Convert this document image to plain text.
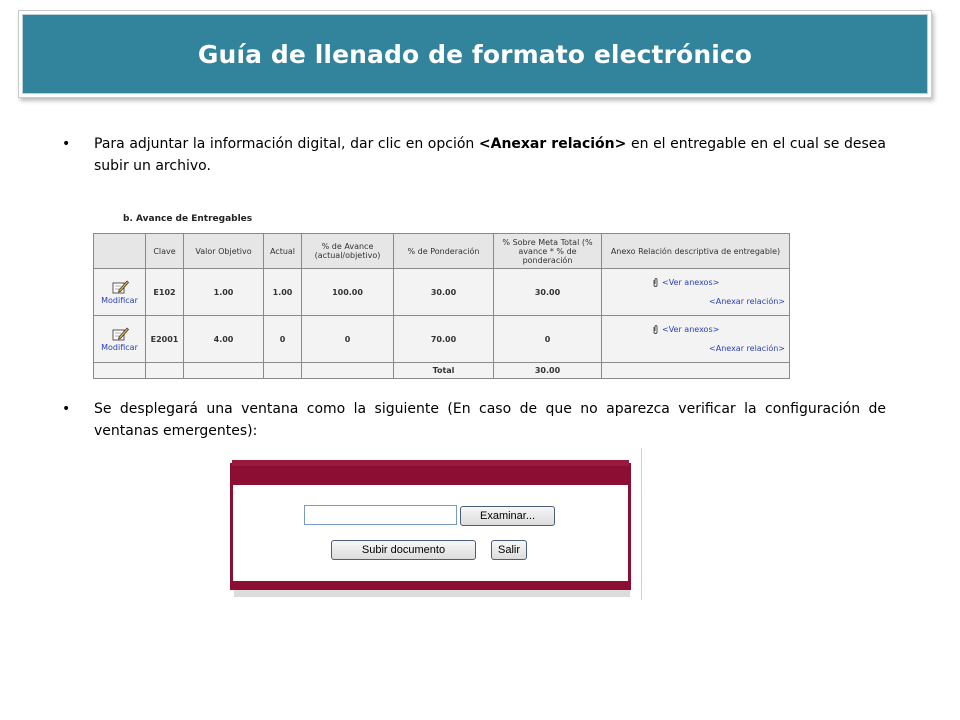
Guía de llenado de formato electrónico
• Para adjuntar la información digital, dar clic en opción <Anexar relación> en el entregable en el cual se desea subir un archivo.
b. Avance de Entregables
	Clave	Valor Objetivo	Actual	% de Avance (actual/objetivo)	% de Ponderación	% Sobre Meta Total (% avance * % de ponderación	Anexo Relación descriptiva de entregable)

Modificar	E102	1.00	1.00	100.00	30.00	30.00	<Ver anexos>
<Anexar relación>

Modificar	E2001	4.00	0	0	70.00	0	<Ver anexos>
<Anexar relación>

					Total	30.00	
• Se desplegará una ventana como la siguiente (En caso de que no aparezca verificar la configuración de ventanas emergentes):
Examinar...
Subir documento	Salir
